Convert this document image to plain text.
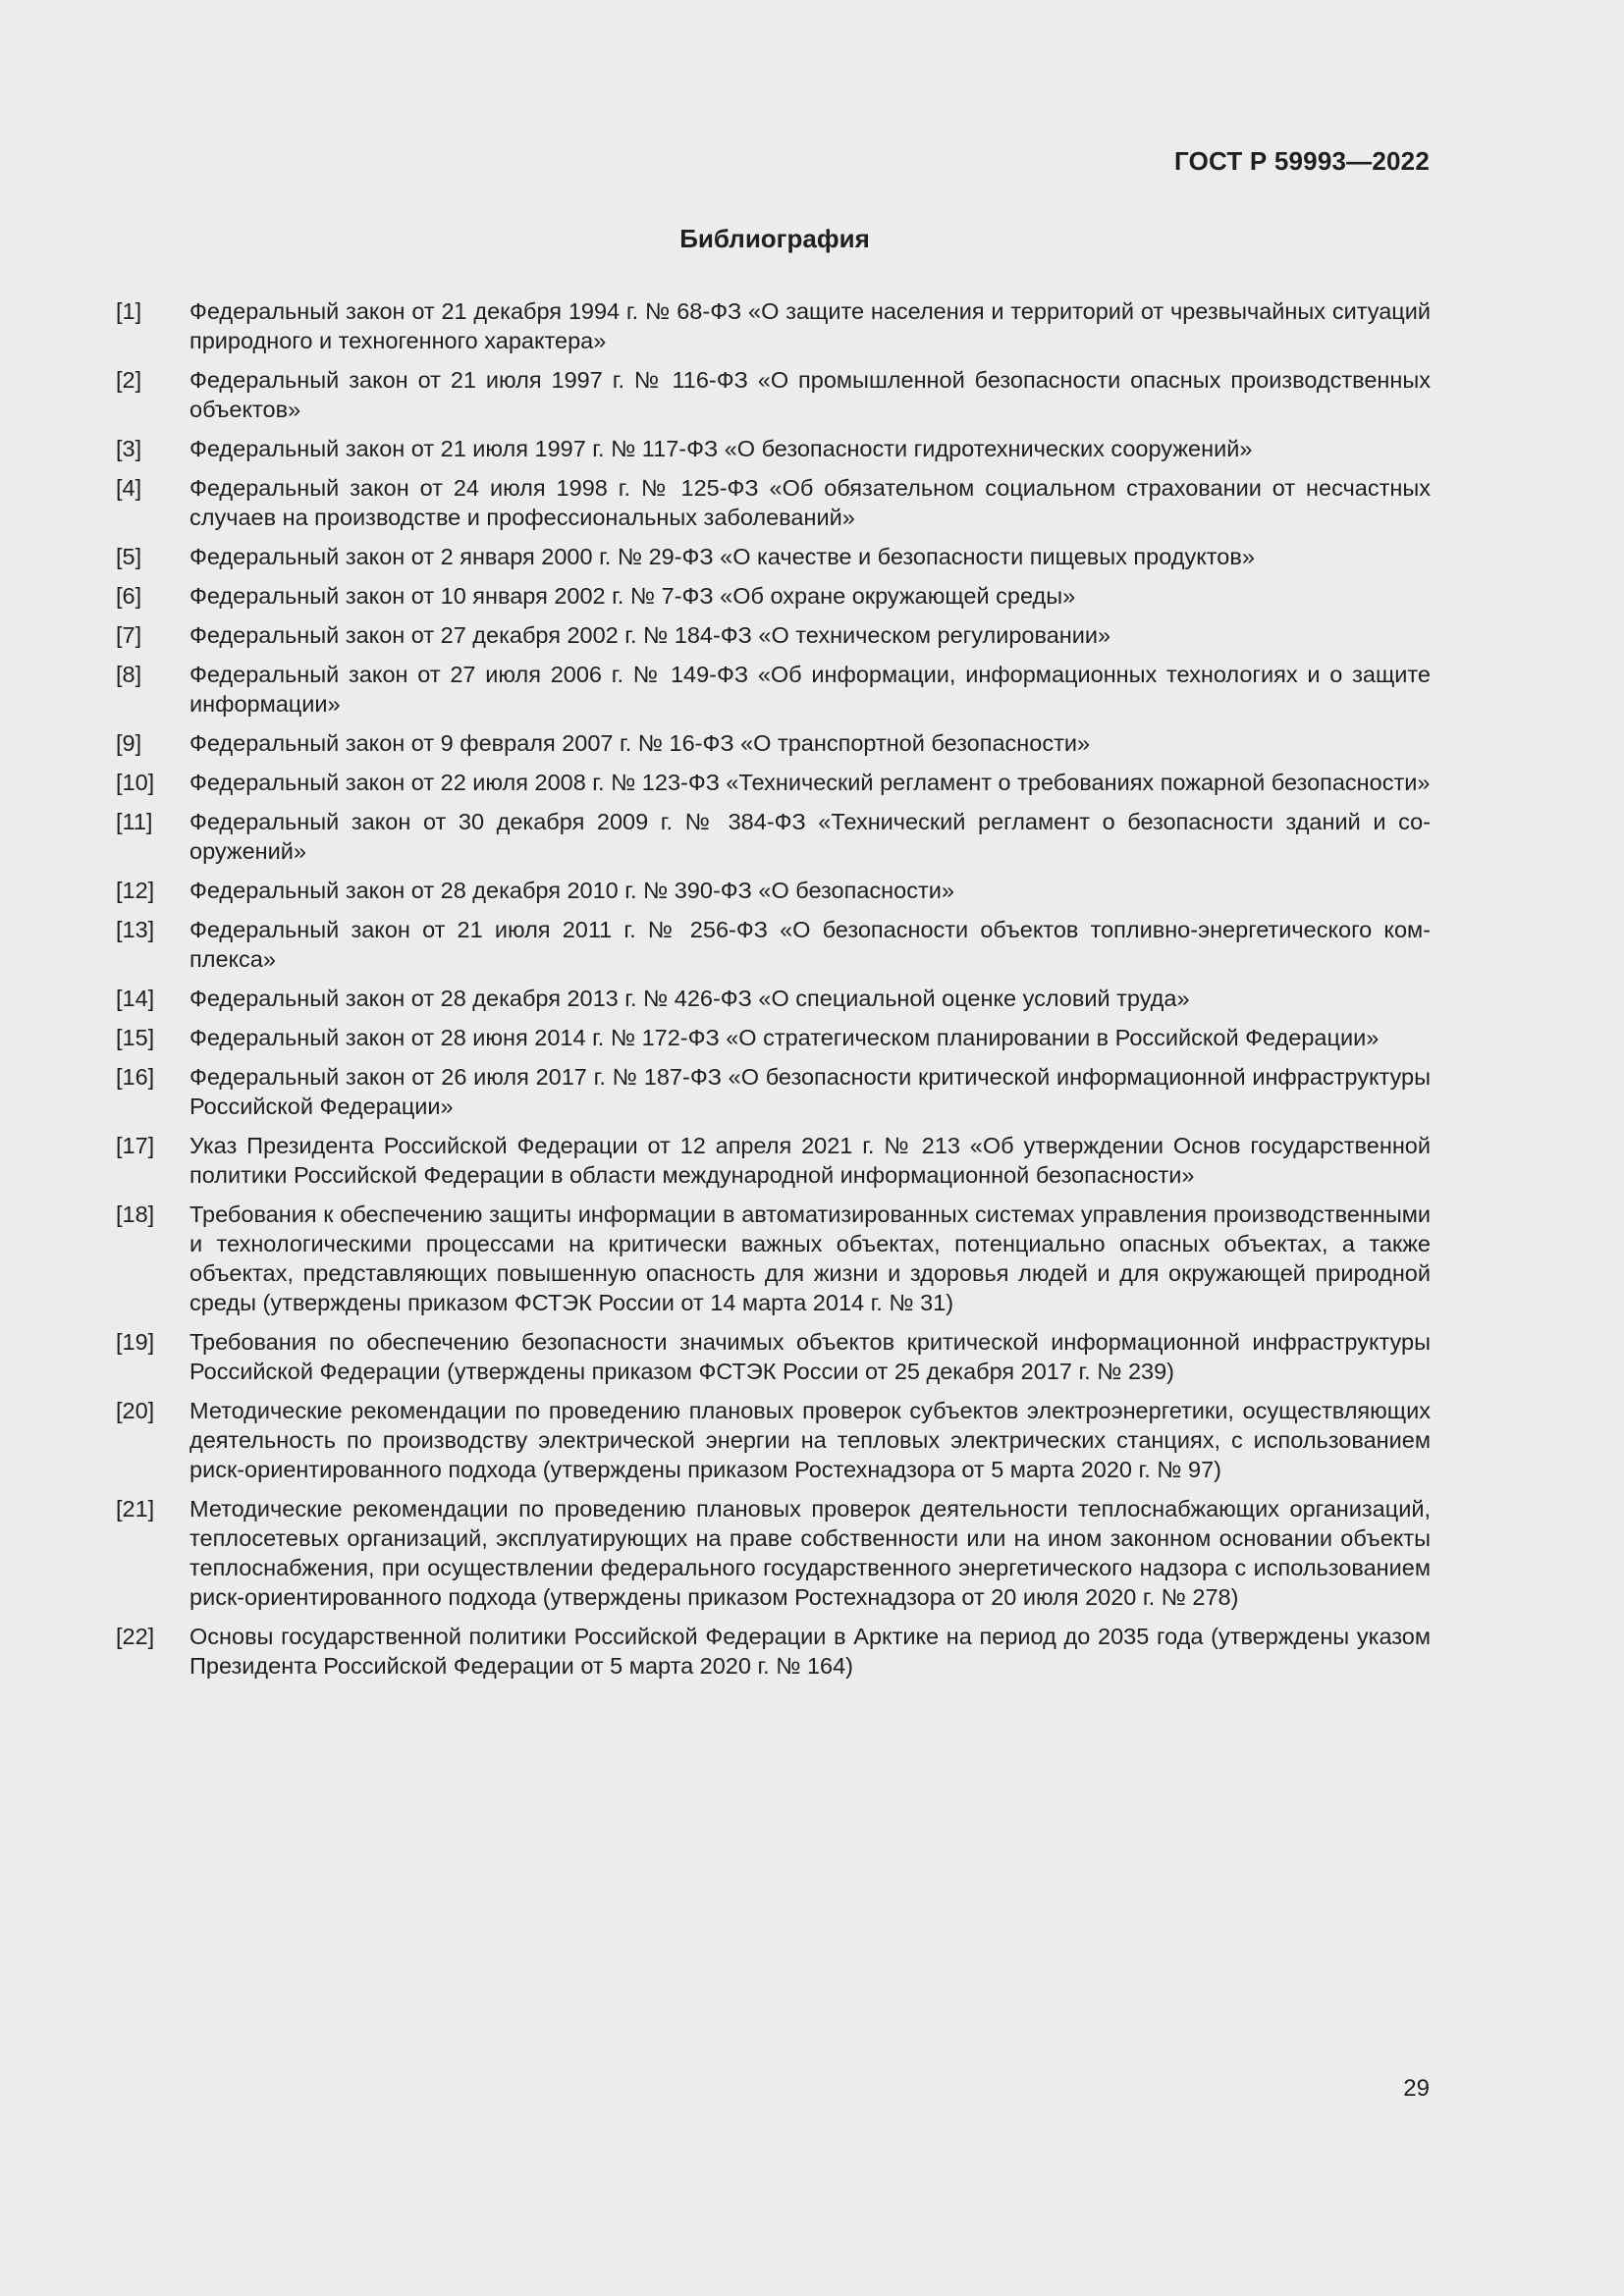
ГОСТ Р 59993—2022
Библиография
[1]	Федеральный закон от 21 декабря 1994 г. № 68-ФЗ «О защите населения и территорий от чрезвычайных ситуаций природного и техногенного характера»
[2]	Федеральный закон от 21 июля 1997 г. № 116-ФЗ «О промышленной безопасности опасных производственных объектов»
[3]	Федеральный закон от 21 июля 1997 г. № 117-ФЗ «О безопасности гидротехнических сооружений»
[4]	Федеральный закон от 24 июля 1998 г. № 125-ФЗ «Об обязательном социальном страховании от несчастных случаев на производстве и профессиональных заболеваний»
[5]	Федеральный закон от 2 января 2000 г. № 29-ФЗ «О качестве и безопасности пищевых продуктов»
[6]	Федеральный закон от 10 января 2002 г. № 7-ФЗ «Об охране окружающей среды»
[7]	Федеральный закон от 27 декабря 2002 г. № 184-ФЗ «О техническом регулировании»
[8]	Федеральный закон от 27 июля 2006 г. № 149-ФЗ «Об информации, информационных технологиях и о защите информации»
[9]	Федеральный закон от 9 февраля 2007 г. № 16-ФЗ «О транспортной безопасности»
[10]	Федеральный закон от 22 июля 2008 г. № 123-ФЗ «Технический регламент о требованиях пожарной безопасности»
[11]	Федеральный закон от 30 декабря 2009 г. № 384-ФЗ «Технический регламент о безопасности зданий и сооружений»
[12]	Федеральный закон от 28 декабря 2010 г. № 390-ФЗ «О безопасности»
[13]	Федеральный закон от 21 июля 2011 г. № 256-ФЗ «О безопасности объектов топливно-энергетического комплекса»
[14]	Федеральный закон от 28 декабря 2013 г. № 426-ФЗ «О специальной оценке условий труда»
[15]	Федеральный закон от 28 июня 2014 г. № 172-ФЗ «О стратегическом планировании в Российской Федерации»
[16]	Федеральный закон от 26 июля 2017 г. № 187-ФЗ «О безопасности критической информационной инфраструктуры Российской Федерации»
[17]	Указ Президента Российской Федерации от 12 апреля 2021 г. № 213 «Об утверждении Основ государственной политики Российской Федерации в области международной информационной безопасности»
[18]	Требования к обеспечению защиты информации в автоматизированных системах управления производственными и технологическими процессами на критически важных объектах, потенциально опасных объектах, а также объектах, представляющих повышенную опасность для жизни и здоровья людей и для окружающей природной среды (утверждены приказом ФСТЭК России от 14 марта 2014 г. № 31)
[19]	Требования по обеспечению безопасности значимых объектов критической информационной инфраструктуры Российской Федерации (утверждены приказом ФСТЭК России от 25 декабря 2017 г. № 239)
[20]	Методические рекомендации по проведению плановых проверок субъектов электроэнергетики, осуществляющих деятельность по производству электрической энергии на тепловых электрических станциях, с использованием риск-ориентированного подхода (утверждены приказом Ростехнадзора от 5 марта 2020 г. № 97)
[21]	Методические рекомендации по проведению плановых проверок деятельности теплоснабжающих организаций, теплосетевых организаций, эксплуатирующих на праве собственности или на ином законном основании объекты теплоснабжения, при осуществлении федерального государственного энергетического надзора с использованием риск-ориентированного подхода (утверждены приказом Ростехнадзора от 20 июля 2020 г. № 278)
[22]	Основы государственной политики Российской Федерации в Арктике на период до 2035 года (утверждены указом Президента Российской Федерации от 5 марта 2020 г. № 164)
29
